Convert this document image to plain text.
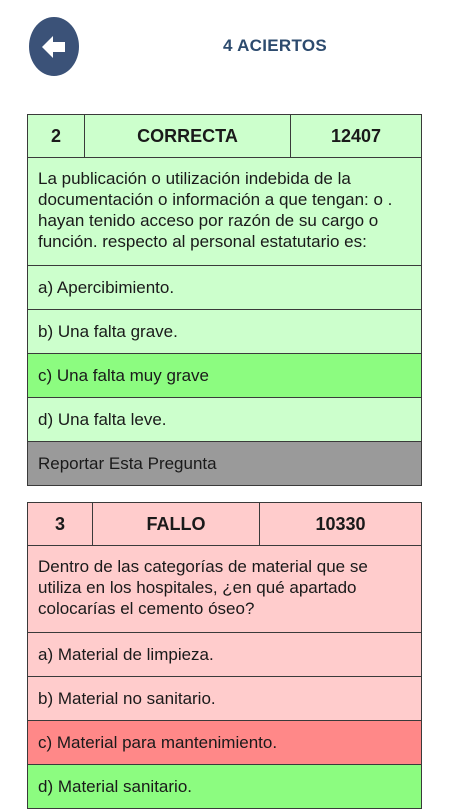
4 ACIERTOS
2	CORRECTA	12407
La publicación o utilización indebida de la documentación o información a que tengan: o . hayan tenido acceso por razón de su cargo o función. respecto al personal estatutario es:
a) Apercibimiento.
b) Una falta grave.
c) Una falta muy grave
d) Una falta leve.
Reportar Esta Pregunta
3	FALLO	10330
Dentro de las categorías de material que se utiliza en los hospitales, ¿en qué apartado colocarías el cemento óseo?
a) Material de limpieza.
b) Material no sanitario.
c) Material para mantenimiento.
d) Material sanitario.
